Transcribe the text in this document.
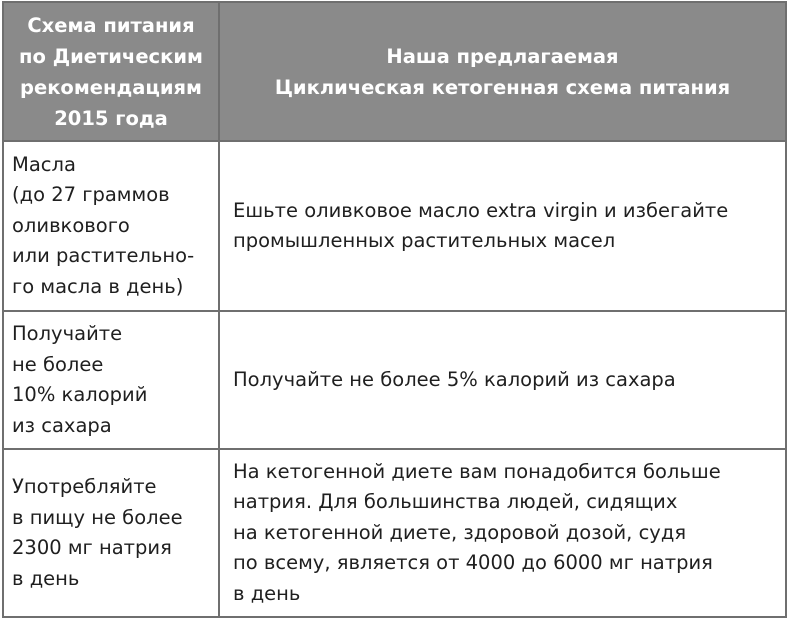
Схема питания
по Диетическим
рекомендациям
2015 года
Наша предлагаемая
Циклическая кетогенная схема питания
Масла
(до 27 граммов
оливкового
или растительно-
го масла в день)
Ешьте оливковое масло extra virgin и избегайте
промышленных растительных масел
Получайте
не более
10% калорий
из сахара
Получайте не более 5% калорий из сахара
Употребляйте
в пищу не более
2300 мг натрия
в день
На кетогенной диете вам понадобится больше
натрия. Для большинства людей, сидящих
на кетогенной диете, здоровой дозой, судя
по всему, является от 4000 до 6000 мг натрия
в день
